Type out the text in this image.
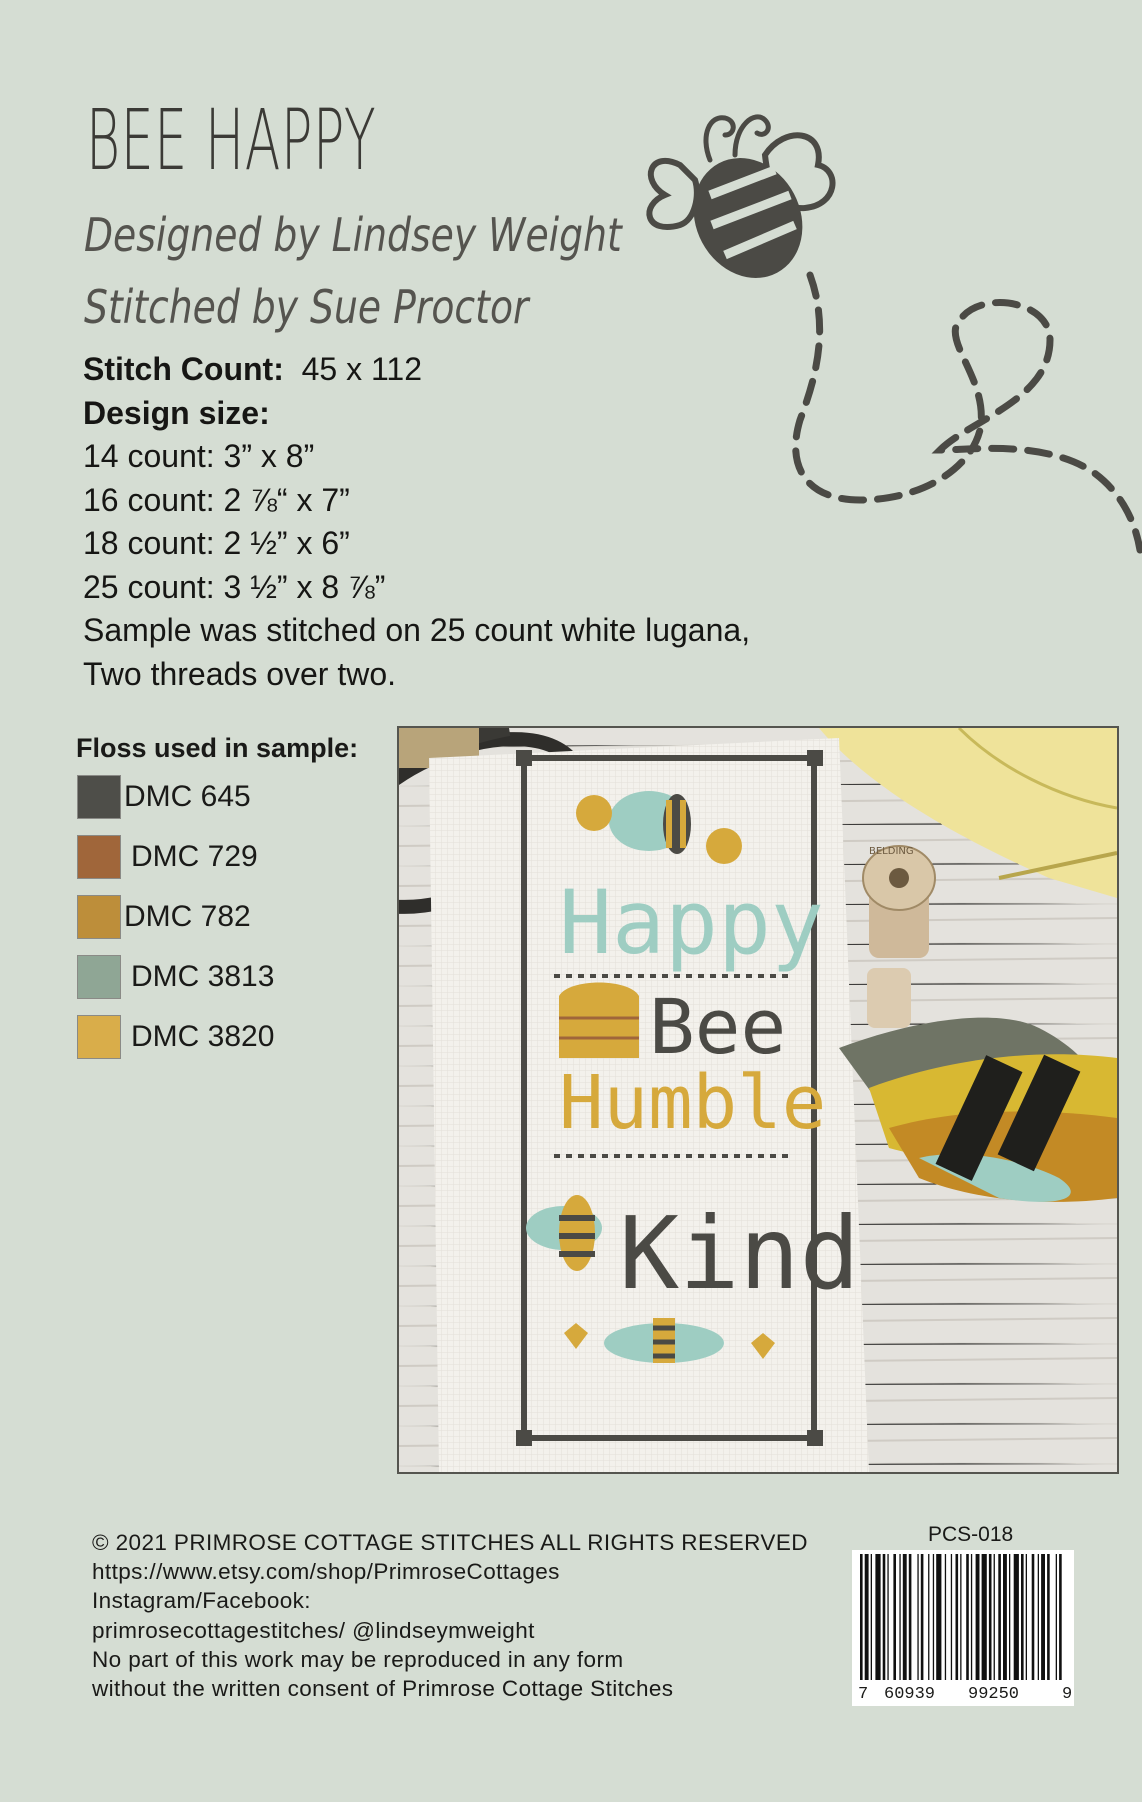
BEE HAPPY
Designed by Lindsey Weight
Stitched by Sue Proctor
Stitch Count: 45 x 112
Design size:
14 count: 3” x 8”
16 count: 2 ⅞“ x 7”
18 count: 2 ½” x 6”
25 count: 3 ½” x 8 ⅞”
Sample was stitched on 25 count white lugana,
Two threads over two.
Floss used in sample:
DMC 645
DMC 729
DMC 782
DMC 3813
DMC 3820
Happy
Bee
Humble
Kind
BELDING
© 2021 PRIMROSE COTTAGE STITCHES ALL RIGHTS RESERVED
https://www.etsy.com/shop/PrimroseCottages
Instagram/Facebook:
primrosecottagestitches/ @lindseymweight
No part of this work may be reproduced in any form
without the written consent of Primrose Cottage Stitches
PCS-018
7 60939 99250	9
